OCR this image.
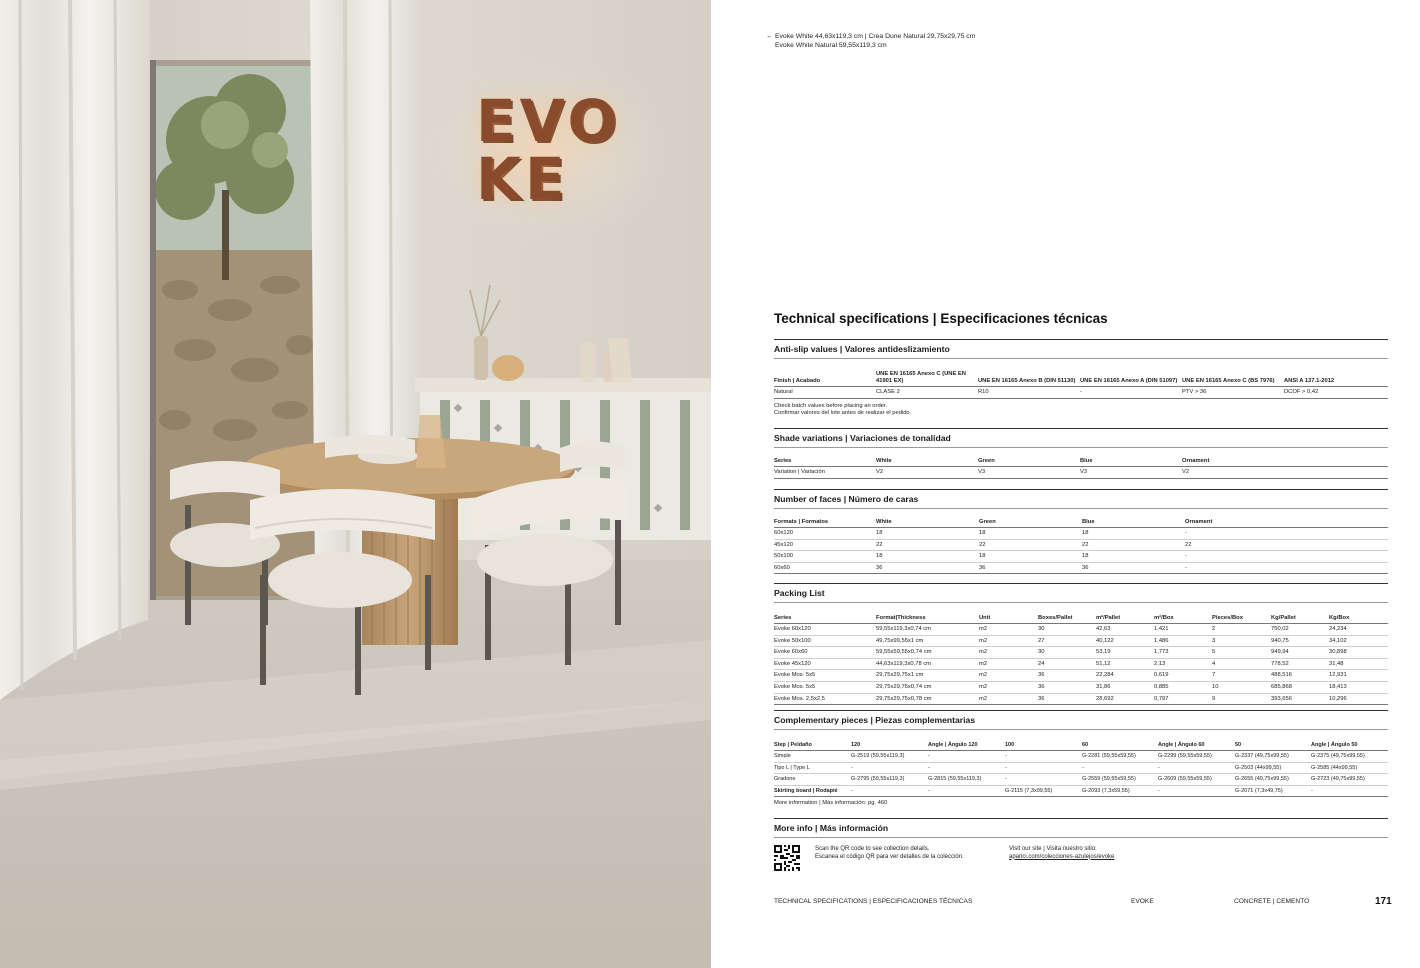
EVO
KE
← Evoke White 44,63x119,3 cm | Crea Dune Natural 29,75x29,75 cm
Evoke White Natural 59,55x119,3 cm
Technical specifications | Especificaciones técnicas
Anti-slip values | Valores antideslizamiento
Finish | Acabado	UNE EN 16165 Anexo C (UNE EN 41901 EX)	UNE EN 16165 Anexo B (DIN 51130)	UNE EN 16165 Anexo A (DIN 51097)	UNE EN 16165 Anexo C (BS 7976)	ANSI A 137.1-2012
Natural	CLASE 2	R10	-	PTV > 36	DCOF > 0,42
Check batch values before placing an order.
Confirmar valores del lote antes de realizar el pedido.
Shade variations | Variaciones de tonalidad
Series	White	Green	Blue	Ornament	
Variation | Variación	V2	V3	V3	V2	
Number of faces | Número de caras
Formats | Formatos	White	Green	Blue	Ornament	
60x120	18	18	18	-	
45x120	22	22	22	22	
50x100	18	18	18	-	
60x60	36	36	36	-	
Packing List
Series	Format|Thickness	Unit	Boxes/Pallet	m²/Pallet	m²/Box	Pieces/Box	Kg/Pallet	Kg/Box
Evoke 60x120	59,55x119,3x0,74 cm	m2	30	42,63	1,421	2	750,02	24,234
Evoke 50x100	49,75x99,55x1 cm	m2	27	40,122	1,486	3	940,75	34,102
Evoke 60x60	59,55x59,55x0,74 cm	m2	30	53,19	1,773	5	949,94	30,898
Evoke 45x120	44,63x119,3x0,78 cm	m2	24	51,12	2,13	4	778,52	31,48
Evoke Mos. 5x5	29,75x29,75x1 cm	m2	36	22,284	0,619	7	488,516	12,931
Evoke Mos. 5x5	29,75x29,75x0,74 cm	m2	36	31,86	0,885	10	685,868	18,413
Evoke Mos. 2,5x2,5	29,75x29,75x0,78 cm	m2	36	28,692	0,797	9	393,656	10,296
Complementary pieces | Piezas complementarias
Step | Peldaño	120	Angle | Ángulo 120	100	60	Angle | Ángulo 60	50	Angle | Ángulo 50
Simple	G-2519 (59,55x119,3)	-	-	G-2281 (59,55x59,55)	G-2299 (59,55x59,55)	G-2337 (49,75x99,55)	G-2375 (49,75x99,55)
Tipo L | Type L	-	-	-	-	-	G-2503 (44x99,55)	G-2585 (44x99,55)
Gradone	G-2795 (59,55x119,3)	G-2815 (59,55x119,3)	-	G-2559 (59,55x59,55)	G-2609 (59,55x59,55)	G-2655 (49,75x99,55)	G-2723 (49,75x99,55)
Skirting board | Rodapié	-	-	G-2115 (7,3x99,55)	G-2093 (7,3x59,55)	-	G-2071 (7,3x49,75)	-
More information | Más información: pg. 460
More info | Más información
Scan the QR code to see collection details.
Escanea el código QR para ver detalles de la colección.
Visit our site | Visita nuestro sitio:
aparici.com/colecciones-azulejos/evoke
TECHNICAL SPECIFICATIONS | ESPECIFICACIONES TÉCNICAS	EVOKE	CONCRETE | CEMENTO	171
